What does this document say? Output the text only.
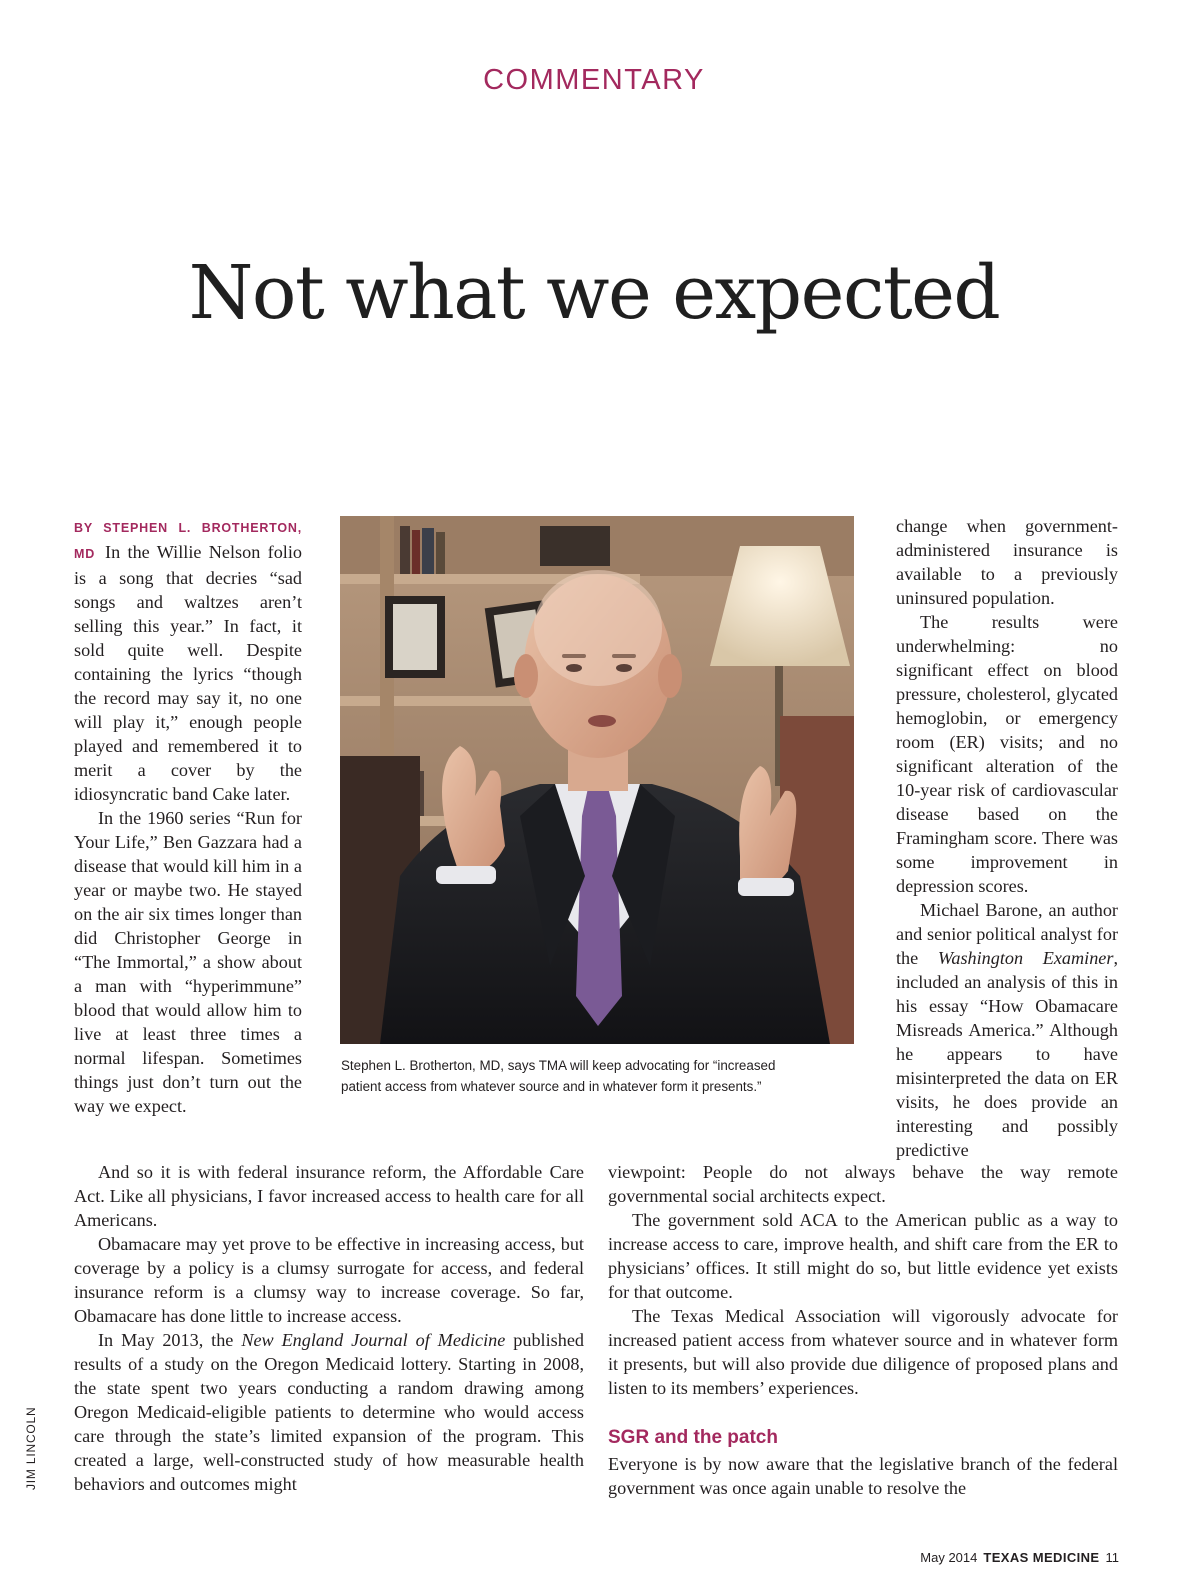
COMMENTARY
Not what we expected

BY STEPHEN L. BROTHERTON, MD In the Willie Nelson folio is a song that decries “sad songs and waltzes aren’t selling this year.” In fact, it sold quite well. Despite containing the lyrics “though the record may say it, no one will play it,” enough people played and remembered it to merit a cover by the idiosyncratic band Cake later.

In the 1960 series “Run for Your Life,” Ben Gazzara had a disease that would kill him in a year or maybe two. He stayed on the air six times longer than did Christopher George in “The Immortal,” a show about a man with “hyperimmune” blood that would allow him to live at least three times a normal lifespan. Sometimes things just don’t turn out the way we expect.

Stephen L. Brotherton, MD, says TMA will keep advocating for “increased patient access from whatever source and in whatever form it presents.”

change when government-administered insurance is available to a previously uninsured population.

The results were underwhelming: no significant effect on blood pressure, cholesterol, glycated hemoglobin, or emergency room (ER) visits; and no significant alteration of the 10-year risk of cardiovascular disease based on the Framingham score. There was some improvement in depression scores.

Michael Barone, an author and senior political analyst for the Washington Examiner, included an analysis of this in his essay “How Obamacare Misreads America.” Although he appears to have misinterpreted the data on ER visits, he does provide an interesting and possibly predictive

And so it is with federal insurance reform, the Affordable Care Act. Like all physicians, I favor increased access to health care for all Americans.

Obamacare may yet prove to be effective in increasing access, but coverage by a policy is a clumsy surrogate for access, and federal insurance reform is a clumsy way to increase coverage. So far, Obamacare has done little to increase access.

In May 2013, the New England Journal of Medicine published results of a study on the Oregon Medicaid lottery. Starting in 2008, the state spent two years conducting a random drawing among Oregon Medicaid-eligible patients to determine who would access care through the state’s limited expansion of the program. This created a large, well-constructed study of how measurable health behaviors and outcomes might

viewpoint: People do not always behave the way remote governmental social architects expect.

The government sold ACA to the American public as a way to increase access to care, improve health, and shift care from the ER to physicians’ offices. It still might do so, but little evidence yet exists for that outcome.

The Texas Medical Association will vigorously advocate for increased patient access from whatever source and in whatever form it presents, but will also provide due diligence of proposed plans and listen to its members’ experiences.

SGR and the patch

Everyone is by now aware that the legislative branch of the federal government was once again unable to resolve the

JIM LINCOLN
May 2014 TEXAS MEDICINE 11
